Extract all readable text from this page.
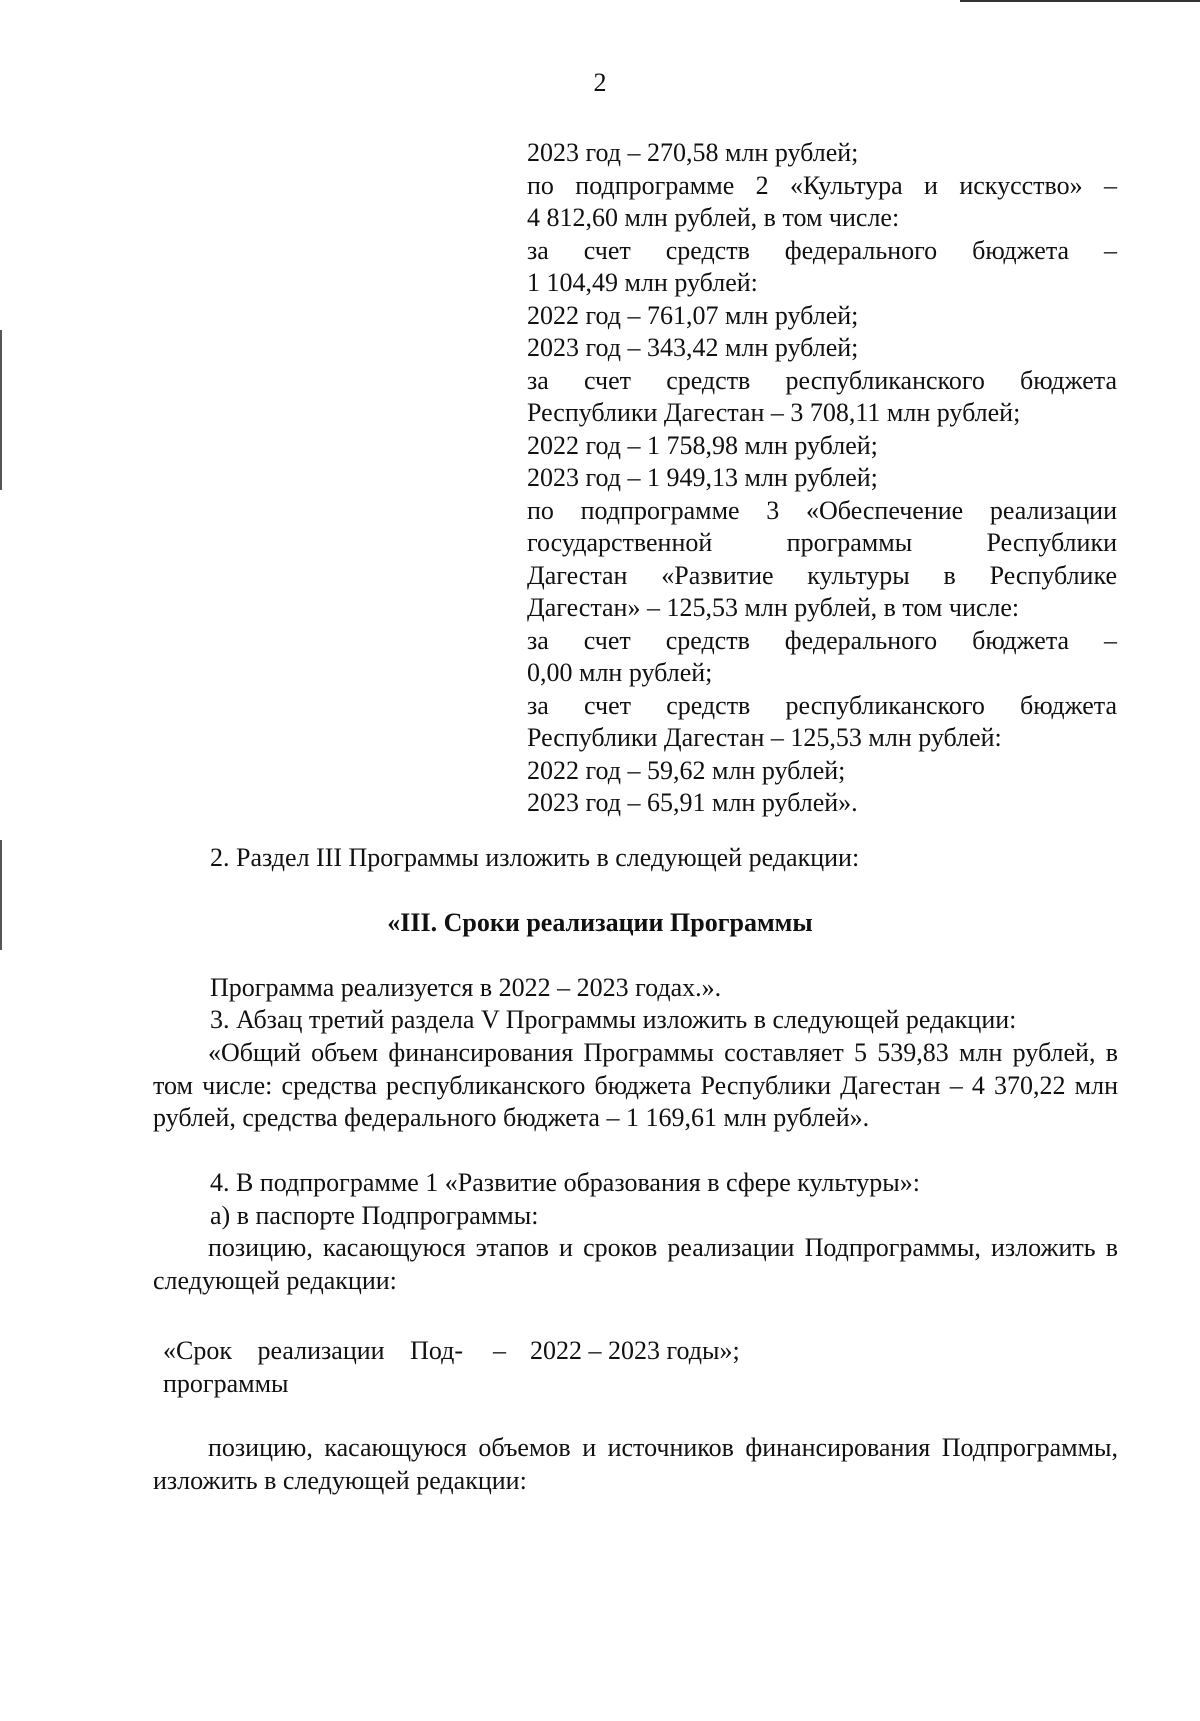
2
2023 год – 270,58 млн рублей;
по подпрограмме 2 «Культура и искусство» –
4 812,60 млн рублей, в том числе:
за счет средств федерального бюджета –
1 104,49 млн рублей:
2022 год – 761,07 млн рублей;
2023 год – 343,42 млн рублей;
за счет средств республиканского бюджета
Республики Дагестан – 3 708,11 млн рублей;
2022 год – 1 758,98 млн рублей;
2023 год – 1 949,13 млн рублей;
по подпрограмме 3 «Обеспечение реализации
государственной программы Республики
Дагестан «Развитие культуры в Республике
Дагестан» – 125,53 млн рублей, в том числе:
за счет средств федерального бюджета –
0,00 млн рублей;
за счет средств республиканского бюджета
Республики Дагестан – 125,53 млн рублей:
2022 год – 59,62 млн рублей;
2023 год – 65,91 млн рублей».
2. Раздел III Программы изложить в следующей редакции:
«III. Сроки реализации Программы
Программа реализуется в 2022 – 2023 годах.».
3. Абзац третий раздела V Программы изложить в следующей редакции:
«Общий объем финансирования Программы составляет 5 539,83 млн рублей, в том числе: средства республиканского бюджета Республики Дагестан – 4 370,22 млн рублей, средства федерального бюджета – 1 169,61 млн рублей».
4. В подпрограмме 1 «Развитие образования в сфере культуры»:
а) в паспорте Подпрограммы:
позицию, касающуюся этапов и сроков реализации Подпрограммы, изложить в следующей редакции:
«Срок реализации Под-
программы
– 2022 – 2023 годы»;
позицию, касающуюся объемов и источников финансирования Подпрограммы, изложить в следующей редакции:
